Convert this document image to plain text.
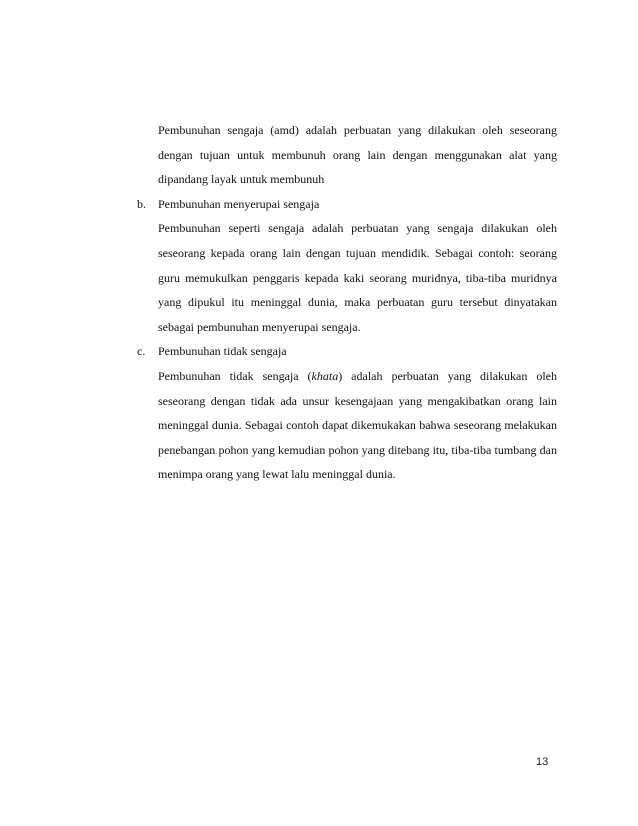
Pembunuhan sengaja (amd) adalah perbuatan yang dilakukan oleh seseorang dengan tujuan untuk membunuh orang lain dengan menggunakan alat yang dipandang layak untuk membunuh

b.	Pembunuhan menyerupai sengaja

Pembunuhan seperti sengaja adalah perbuatan yang sengaja dilakukan oleh seseorang kepada orang lain dengan tujuan mendidik. Sebagai contoh: seorang guru memukulkan penggaris kepada kaki seorang muridnya, tiba-tiba muridnya yang dipukul itu meninggal dunia, maka perbuatan guru tersebut dinyatakan sebagai pembunuhan menyerupai sengaja.

c.	Pembunuhan tidak sengaja

Pembunuhan tidak sengaja (khata) adalah perbuatan yang dilakukan oleh seseorang dengan tidak ada unsur kesengajaan yang mengakibatkan orang lain meninggal dunia. Sebagai contoh dapat dikemukakan bahwa seseorang melakukan penebangan pohon yang kemudian pohon yang ditebang itu, tiba-tiba tumbang dan menimpa orang yang lewat lalu meninggal dunia.

13
